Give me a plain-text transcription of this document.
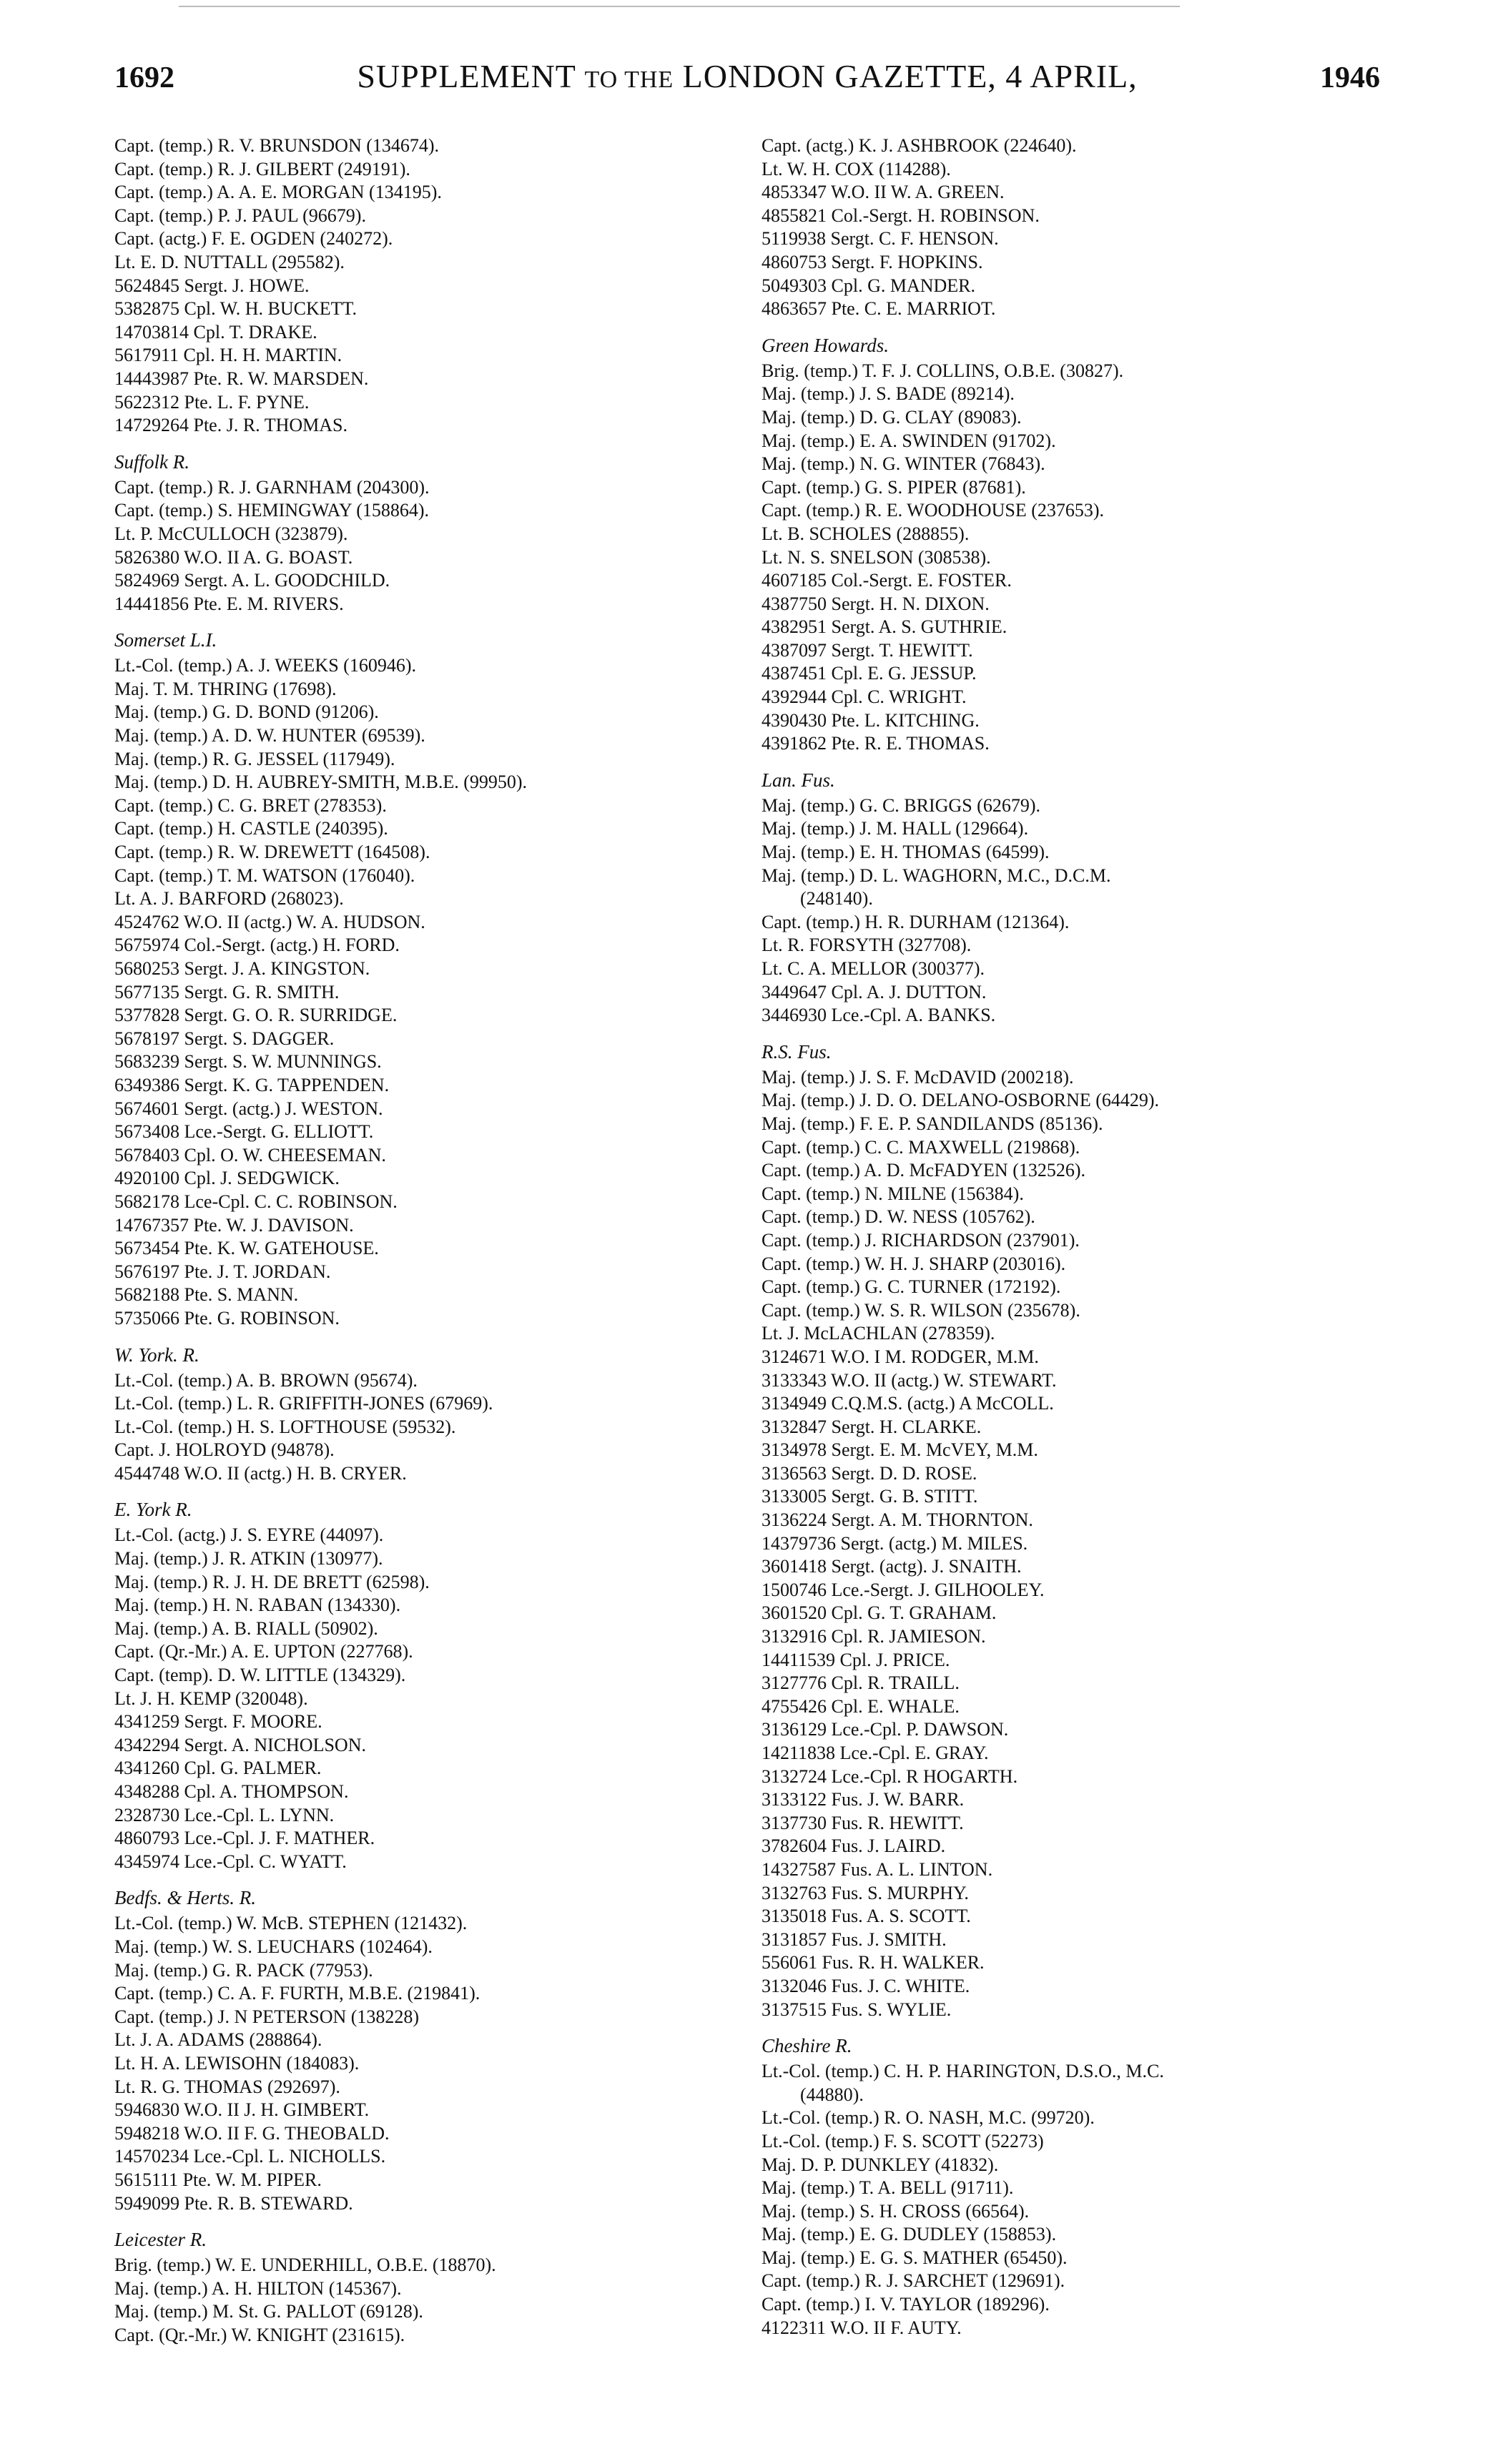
1692	SUPPLEMENT TO THE LONDON GAZETTE, 4 APRIL,	1946
Capt. (temp.) R. V. BRUNSDON (134674).
Capt. (temp.) R. J. GILBERT (249191).
Capt. (temp.) A. A. E. MORGAN (134195).
Capt. (temp.) P. J. PAUL (96679).
Capt. (actg.) F. E. OGDEN (240272).
Lt. E. D. NUTTALL (295582).
5624845 Sergt. J. HOWE.
5382875 Cpl. W. H. BUCKETT.
14703814 Cpl. T. DRAKE.
5617911 Cpl. H. H. MARTIN.
14443987 Pte. R. W. MARSDEN.
5622312 Pte. L. F. PYNE.
14729264 Pte. J. R. THOMAS.
Suffolk R.
Capt. (temp.) R. J. GARNHAM (204300).
Capt. (temp.) S. HEMINGWAY (158864).
Lt. P. McCULLOCH (323879).
5826380 W.O. II A. G. BOAST.
5824969 Sergt. A. L. GOODCHILD.
14441856 Pte. E. M. RIVERS.
Somerset L.I.
Lt.-Col. (temp.) A. J. WEEKS (160946).
Maj. T. M. THRING (17698).
Maj. (temp.) G. D. BOND (91206).
Maj. (temp.) A. D. W. HUNTER (69539).
Maj. (temp.) R. G. JESSEL (117949).
Maj. (temp.) D. H. AUBREY-SMITH, M.B.E. (99950).
Capt. (temp.) C. G. BRET (278353).
Capt. (temp.) H. CASTLE (240395).
Capt. (temp.) R. W. DREWETT (164508).
Capt. (temp.) T. M. WATSON (176040).
Lt. A. J. BARFORD (268023).
4524762 W.O. II (actg.) W. A. HUDSON.
5675974 Col.-Sergt. (actg.) H. FORD.
5680253 Sergt. J. A. KINGSTON.
5677135 Sergt. G. R. SMITH.
5377828 Sergt. G. O. R. SURRIDGE.
5678197 Sergt. S. DAGGER.
5683239 Sergt. S. W. MUNNINGS.
6349386 Sergt. K. G. TAPPENDEN.
5674601 Sergt. (actg.) J. WESTON.
5673408 Lce.-Sergt. G. ELLIOTT.
5678403 Cpl. O. W. CHEESEMAN.
4920100 Cpl. J. SEDGWICK.
5682178 Lce-Cpl. C. C. ROBINSON.
14767357 Pte. W. J. DAVISON.
5673454 Pte. K. W. GATEHOUSE.
5676197 Pte. J. T. JORDAN.
5682188 Pte. S. MANN.
5735066 Pte. G. ROBINSON.
W. York. R.
Lt.-Col. (temp.) A. B. BROWN (95674).
Lt.-Col. (temp.) L. R. GRIFFITH-JONES (67969).
Lt.-Col. (temp.) H. S. LOFTHOUSE (59532).
Capt. J. HOLROYD (94878).
4544748 W.O. II (actg.) H. B. CRYER.
E. York R.
Lt.-Col. (actg.) J. S. EYRE (44097).
Maj. (temp.) J. R. ATKIN (130977).
Maj. (temp.) R. J. H. DE BRETT (62598).
Maj. (temp.) H. N. RABAN (134330).
Maj. (temp.) A. B. RIALL (50902).
Capt. (Qr.-Mr.) A. E. UPTON (227768).
Capt. (temp). D. W. LITTLE (134329).
Lt. J. H. KEMP (320048).
4341259 Sergt. F. MOORE.
4342294 Sergt. A. NICHOLSON.
4341260 Cpl. G. PALMER.
4348288 Cpl. A. THOMPSON.
2328730 Lce.-Cpl. L. LYNN.
4860793 Lce.-Cpl. J. F. MATHER.
4345974 Lce.-Cpl. C. WYATT.
Bedfs. & Herts. R.
Lt.-Col. (temp.) W. McB. STEPHEN (121432).
Maj. (temp.) W. S. LEUCHARS (102464).
Maj. (temp.) G. R. PACK (77953).
Capt. (temp.) C. A. F. FURTH, M.B.E. (219841).
Capt. (temp.) J. N PETERSON (138228)
Lt. J. A. ADAMS (288864).
Lt. H. A. LEWISOHN (184083).
Lt. R. G. THOMAS (292697).
5946830 W.O. II J. H. GIMBERT.
5948218 W.O. II F. G. THEOBALD.
14570234 Lce.-Cpl. L. NICHOLLS.
5615111 Pte. W. M. PIPER.
5949099 Pte. R. B. STEWARD.
Leicester R.
Brig. (temp.) W. E. UNDERHILL, O.B.E. (18870).
Maj. (temp.) A. H. HILTON (145367).
Maj. (temp.) M. St. G. PALLOT (69128).
Capt. (Qr.-Mr.) W. KNIGHT (231615).
Capt. (actg.) K. J. ASHBROOK (224640).
Lt. W. H. COX (114288).
4853347 W.O. II W. A. GREEN.
4855821 Col.-Sergt. H. ROBINSON.
5119938 Sergt. C. F. HENSON.
4860753 Sergt. F. HOPKINS.
5049303 Cpl. G. MANDER.
4863657 Pte. C. E. MARRIOT.
Green Howards.
Brig. (temp.) T. F. J. COLLINS, O.B.E. (30827).
Maj. (temp.) J. S. BADE (89214).
Maj. (temp.) D. G. CLAY (89083).
Maj. (temp.) E. A. SWINDEN (91702).
Maj. (temp.) N. G. WINTER (76843).
Capt. (temp.) G. S. PIPER (87681).
Capt. (temp.) R. E. WOODHOUSE (237653).
Lt. B. SCHOLES (288855).
Lt. N. S. SNELSON (308538).
4607185 Col.-Sergt. E. FOSTER.
4387750 Sergt. H. N. DIXON.
4382951 Sergt. A. S. GUTHRIE.
4387097 Sergt. T. HEWITT.
4387451 Cpl. E. G. JESSUP.
4392944 Cpl. C. WRIGHT.
4390430 Pte. L. KITCHING.
4391862 Pte. R. E. THOMAS.
Lan. Fus.
Maj. (temp.) G. C. BRIGGS (62679).
Maj. (temp.) J. M. HALL (129664).
Maj. (temp.) E. H. THOMAS (64599).
Maj. (temp.) D. L. WAGHORN, M.C., D.C.M.
(248140).
Capt. (temp.) H. R. DURHAM (121364).
Lt. R. FORSYTH (327708).
Lt. C. A. MELLOR (300377).
3449647 Cpl. A. J. DUTTON.
3446930 Lce.-Cpl. A. BANKS.
R.S. Fus.
Maj. (temp.) J. S. F. McDAVID (200218).
Maj. (temp.) J. D. O. DELANO-OSBORNE (64429).
Maj. (temp.) F. E. P. SANDILANDS (85136).
Capt. (temp.) C. C. MAXWELL (219868).
Capt. (temp.) A. D. McFADYEN (132526).
Capt. (temp.) N. MILNE (156384).
Capt. (temp.) D. W. NESS (105762).
Capt. (temp.) J. RICHARDSON (237901).
Capt. (temp.) W. H. J. SHARP (203016).
Capt. (temp.) G. C. TURNER (172192).
Capt. (temp.) W. S. R. WILSON (235678).
Lt. J. McLACHLAN (278359).
3124671 W.O. I M. RODGER, M.M.
3133343 W.O. II (actg.) W. STEWART.
3134949 C.Q.M.S. (actg.) A McCOLL.
3132847 Sergt. H. CLARKE.
3134978 Sergt. E. M. McVEY, M.M.
3136563 Sergt. D. D. ROSE.
3133005 Sergt. G. B. STITT.
3136224 Sergt. A. M. THORNTON.
14379736 Sergt. (actg.) M. MILES.
3601418 Sergt. (actg). J. SNAITH.
1500746 Lce.-Sergt. J. GILHOOLEY.
3601520 Cpl. G. T. GRAHAM.
3132916 Cpl. R. JAMIESON.
14411539 Cpl. J. PRICE.
3127776 Cpl. R. TRAILL.
4755426 Cpl. E. WHALE.
3136129 Lce.-Cpl. P. DAWSON.
14211838 Lce.-Cpl. E. GRAY.
3132724 Lce.-Cpl. R HOGARTH.
3133122 Fus. J. W. BARR.
3137730 Fus. R. HEWITT.
3782604 Fus. J. LAIRD.
14327587 Fus. A. L. LINTON.
3132763 Fus. S. MURPHY.
3135018 Fus. A. S. SCOTT.
3131857 Fus. J. SMITH.
556061 Fus. R. H. WALKER.
3132046 Fus. J. C. WHITE.
3137515 Fus. S. WYLIE.
Cheshire R.
Lt.-Col. (temp.) C. H. P. HARINGTON, D.S.O., M.C.
(44880).
Lt.-Col. (temp.) R. O. NASH, M.C. (99720).
Lt.-Col. (temp.) F. S. SCOTT (52273)
Maj. D. P. DUNKLEY (41832).
Maj. (temp.) T. A. BELL (91711).
Maj. (temp.) S. H. CROSS (66564).
Maj. (temp.) E. G. DUDLEY (158853).
Maj. (temp.) E. G. S. MATHER (65450).
Capt. (temp.) R. J. SARCHET (129691).
Capt. (temp.) I. V. TAYLOR (189296).
4122311 W.O. II F. AUTY.
